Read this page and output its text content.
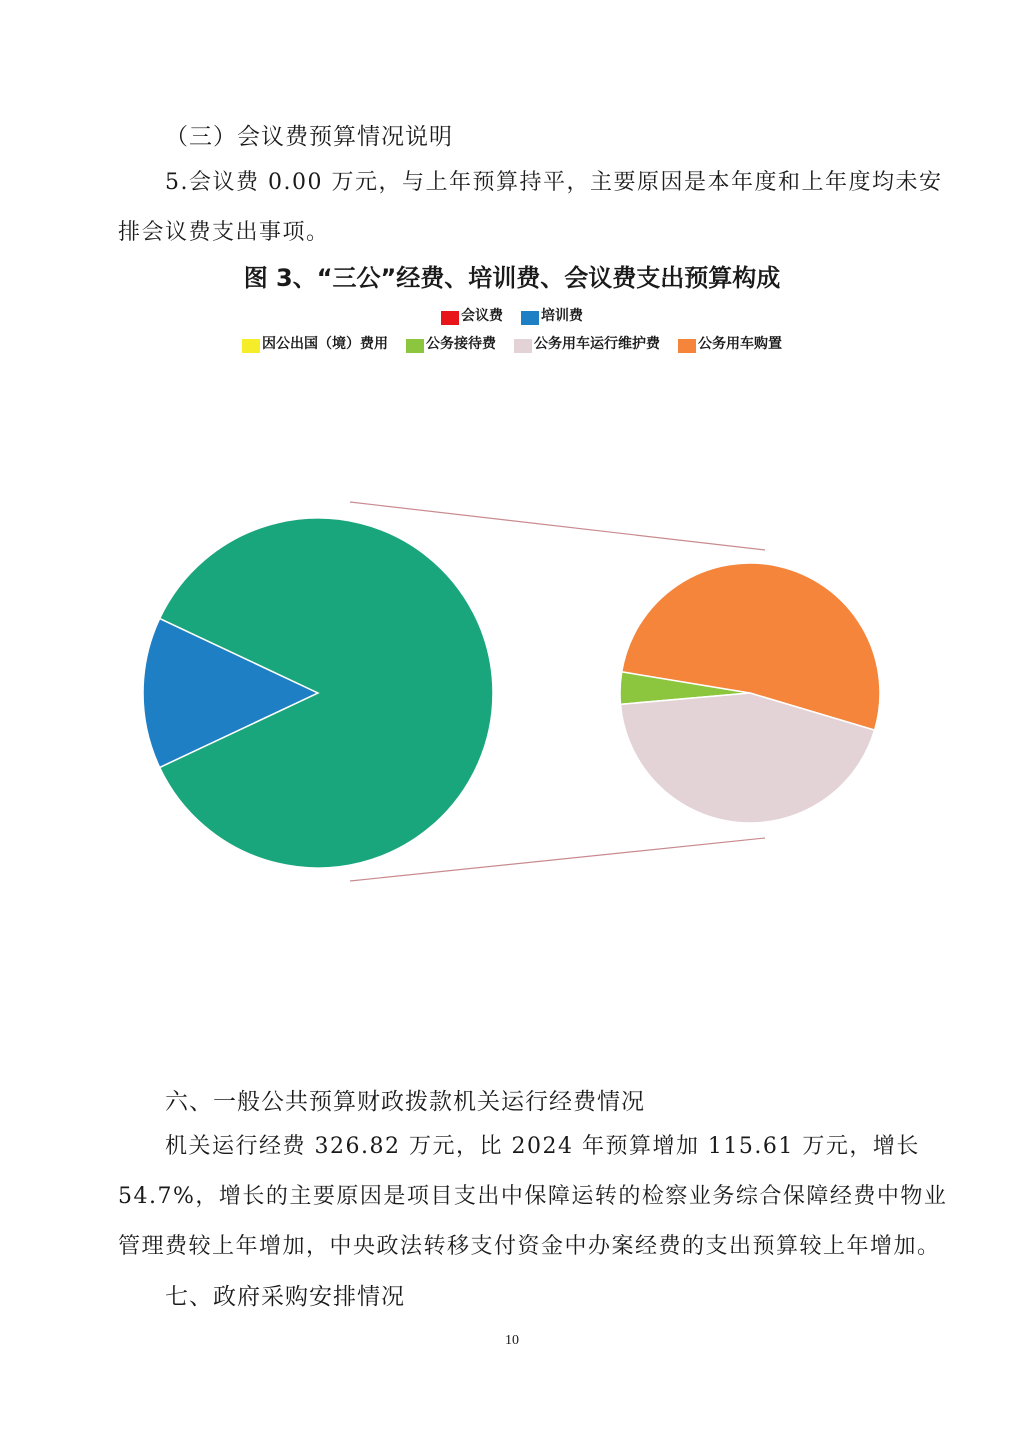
（三）会议费预算情况说明
5.会议费 0.00 万元，与上年预算持平，主要原因是本年度和上年度均未安排会议费支出事项。
图 3、“三公”经费、培训费、会议费支出预算构成
会议费	培训费
因公出国（境）费用	公务接待费	公务用车运行维护费	公务用车购置
六、一般公共预算财政拨款机关运行经费情况
机关运行经费 326.82 万元，比 2024 年预算增加 115.61 万元，增长 54.7%，增长的主要原因是项目支出中保障运转的检察业务综合保障经费中物业管理费较上年增加，中央政法转移支付资金中办案经费的支出预算较上年增加。
七、政府采购安排情况
10
